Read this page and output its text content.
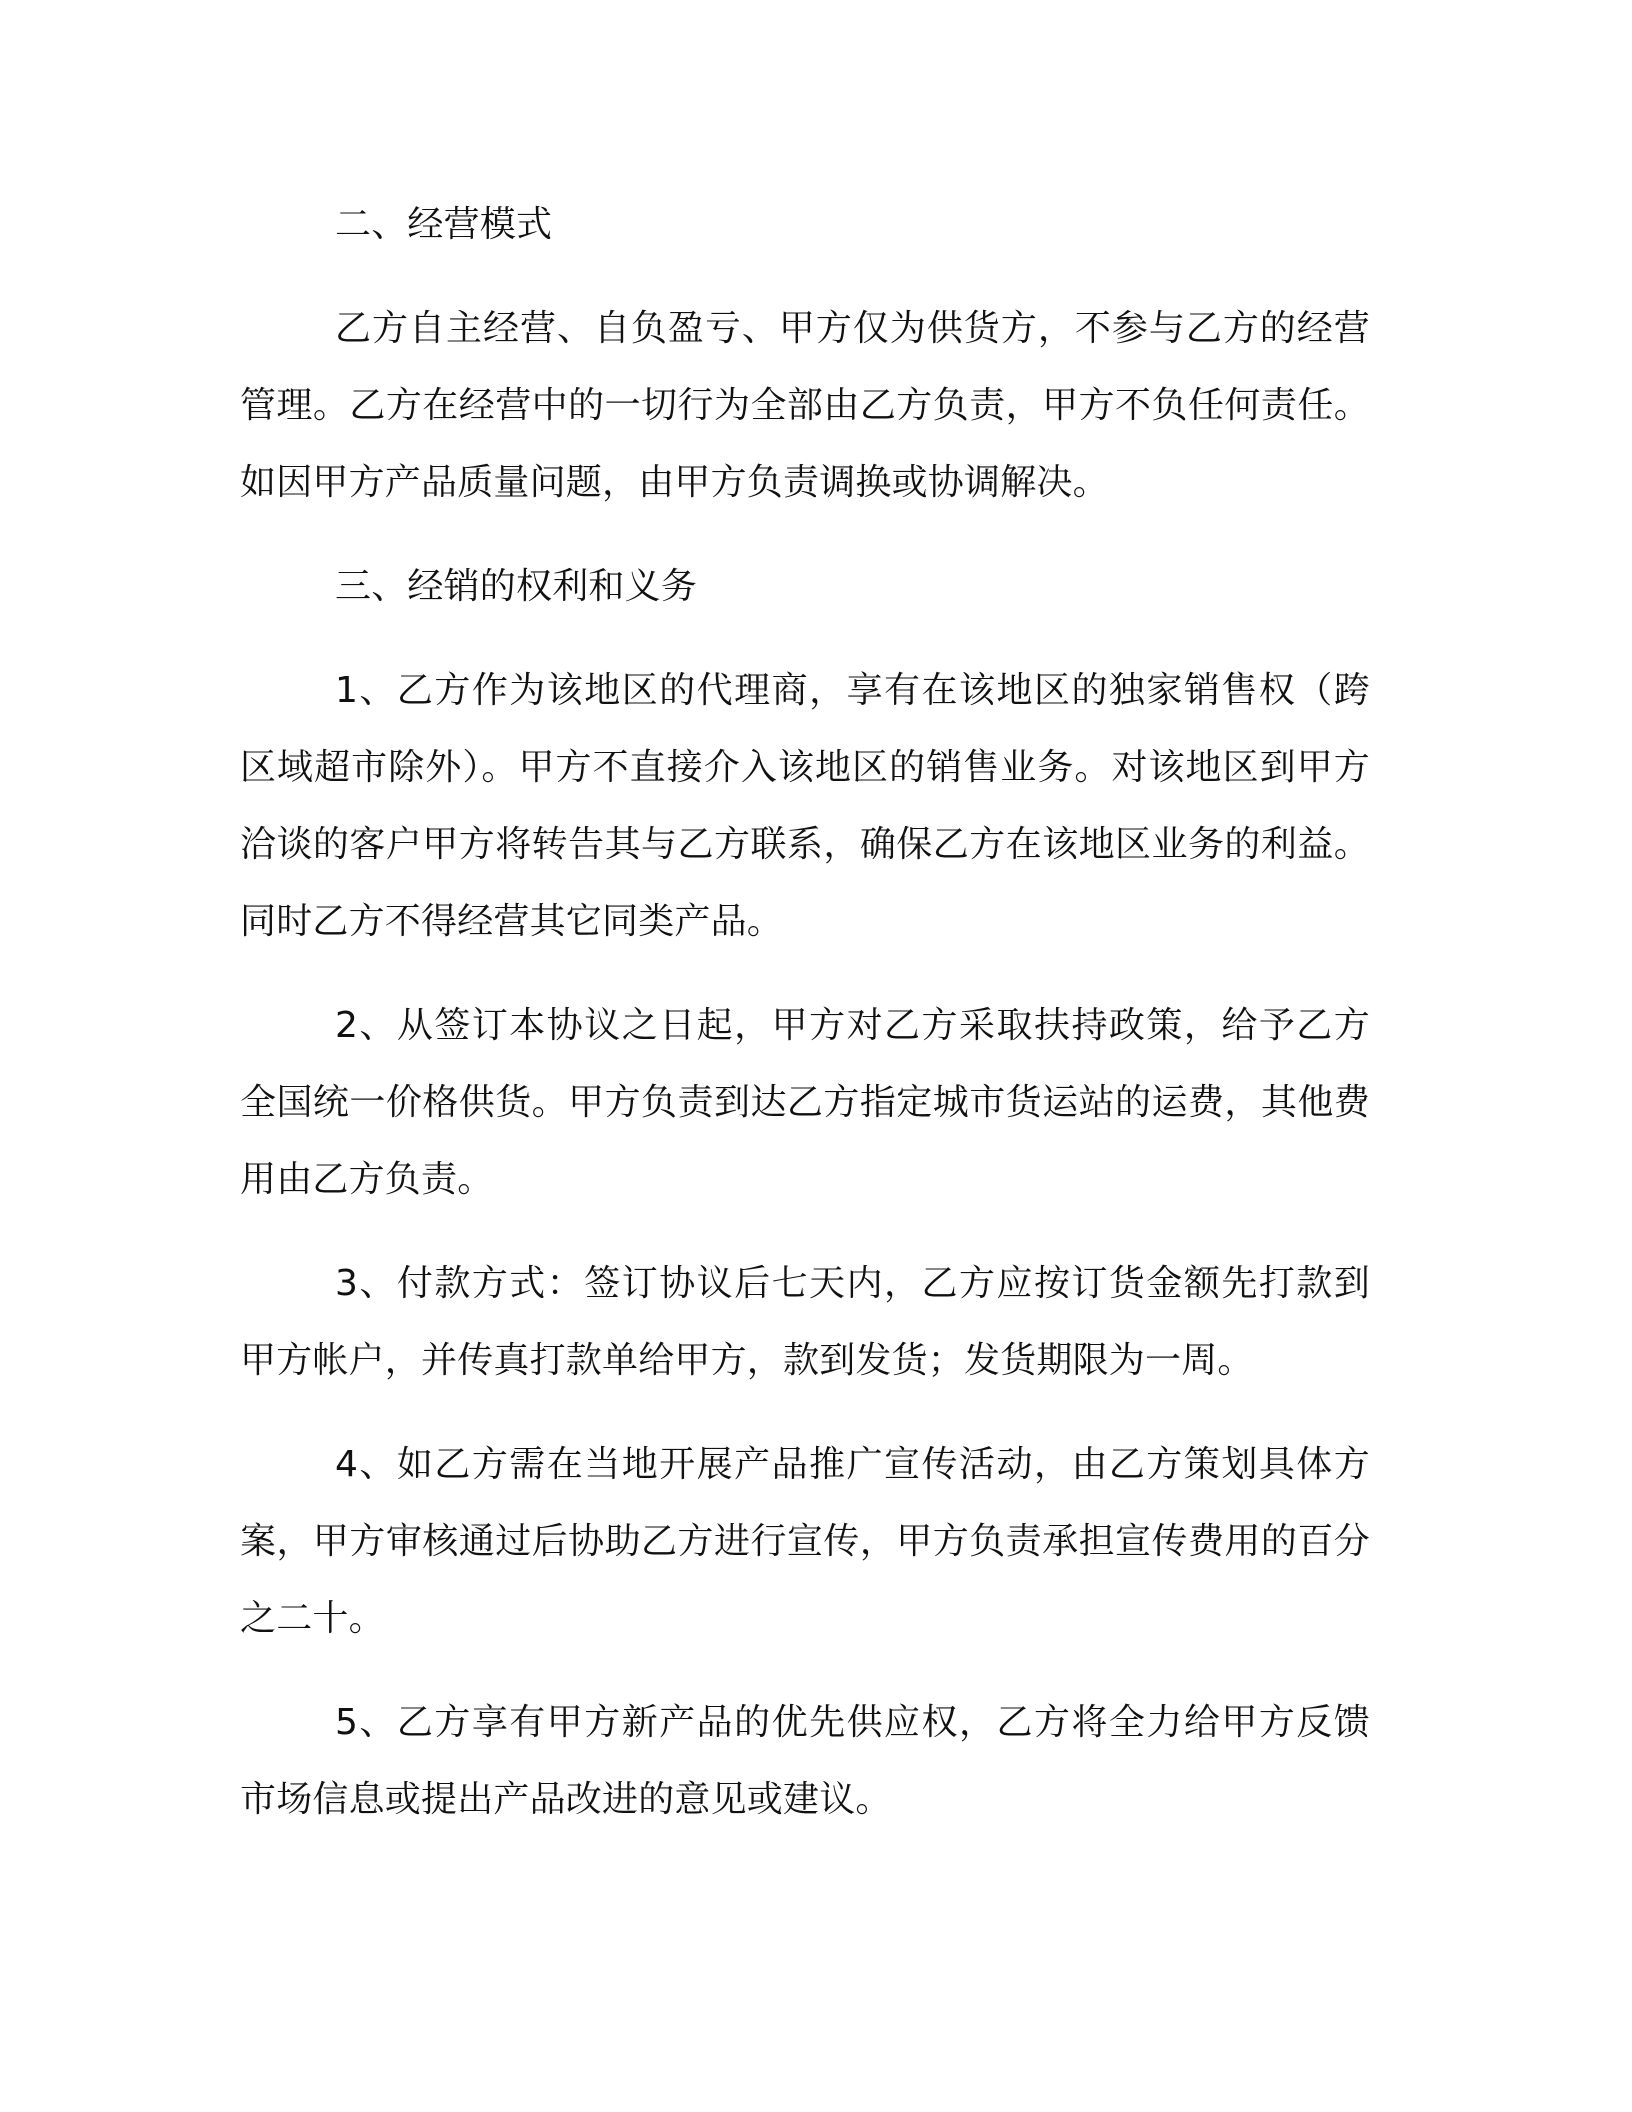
二、经营模式

乙方自主经营、自负盈亏、甲方仅为供货方，不参与乙方的经营管理。乙方在经营中的一切行为全部由乙方负责，甲方不负任何责任。如因甲方产品质量问题，由甲方负责调换或协调解决。

三、经销的权利和义务

1、乙方作为该地区的代理商，享有在该地区的独家销售权（跨区域超市除外）。甲方不直接介入该地区的销售业务。对该地区到甲方洽谈的客户甲方将转告其与乙方联系，确保乙方在该地区业务的利益。同时乙方不得经营其它同类产品。

2、从签订本协议之日起，甲方对乙方采取扶持政策，给予乙方全国统一价格供货。甲方负责到达乙方指定城市货运站的运费，其他费用由乙方负责。

3、付款方式：签订协议后七天内，乙方应按订货金额先打款到甲方帐户，并传真打款单给甲方，款到发货；发货期限为一周。

4、如乙方需在当地开展产品推广宣传活动，由乙方策划具体方案，甲方审核通过后协助乙方进行宣传，甲方负责承担宣传费用的百分之二十。

5、乙方享有甲方新产品的优先供应权，乙方将全力给甲方反馈市场信息或提出产品改进的意见或建议。
